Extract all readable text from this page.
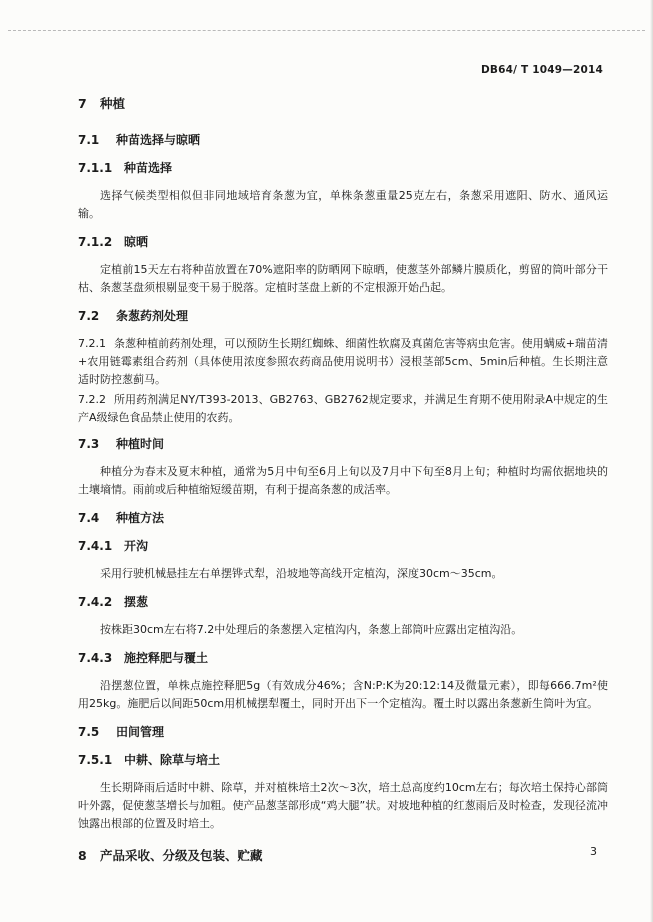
DB64/ T 1049—2014
7 种植
7.1 种苗选择与晾晒
7.1.1 种苗选择

选择气候类型相似但非同地域培育条葱为宜，单株条葱重量25克左右，条葱采用遮阳、防水、通风运输。

7.1.2 晾晒

定植前15天左右将种苗放置在70%遮阳率的防晒网下晾晒，使葱茎外部鳞片膜质化，剪留的筒叶部分干枯、条葱茎盘须根剔显变干易于脱落。定植时茎盘上新的不定根源开始凸起。

7.2 条葱药剂处理

7.2.1 条葱种植前药剂处理，可以预防生长期红蜘蛛、细菌性软腐及真菌危害等病虫危害。使用螨威+瑞苗清+农用链霉素组合药剂（具体使用浓度参照农药商品使用说明书）浸根茎部5cm、5min后种植。生长期注意适时防控葱蓟马。

7.2.2 所用药剂满足NY/T393-2013、GB2763、GB2762规定要求，并满足生育期不使用附录A中规定的生产A级绿色食品禁止使用的农药。

7.3 种植时间

种植分为春末及夏末种植，通常为5月中旬至6月上旬以及7月中下旬至8月上旬；种植时均需依据地块的土壤墒情。雨前或后种植缩短缓苗期，有利于提高条葱的成活率。

7.4 种植方法
7.4.1 开沟

采用行驶机械悬挂左右单摆铧式犁，沿坡地等高线开定植沟，深度30cm～35cm。

7.4.2 摆葱

按株距30cm左右将7.2中处理后的条葱摆入定植沟内，条葱上部筒叶应露出定植沟沿。

7.4.3 施控释肥与覆土

沿摆葱位置，单株点施控释肥5g（有效成分46%；含N:P:K为20:12:14及微量元素），即每666.7m²使用25kg。施肥后以间距50cm用机械摆犁覆土，同时开出下一个定植沟。覆土时以露出条葱新生筒叶为宜。

7.5 田间管理
7.5.1 中耕、除草与培土

生长期降雨后适时中耕、除草，并对植株培土2次～3次，培土总高度约10cm左右；每次培土保持心部筒叶外露，促使葱茎增长与加粗。使产品葱茎部形成“鸡大腿”状。对坡地种植的红葱雨后及时检查，发现径流冲蚀露出根部的位置及时培土。

8 产品采收、分级及包装、贮藏	3
